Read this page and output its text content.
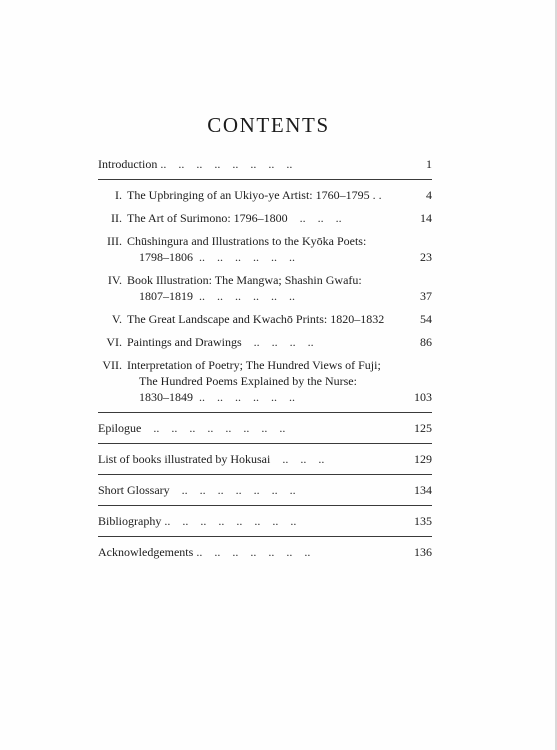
CONTENTS
Introduction ..    ..    ..    ..    ..    ..    ..    ..	1
I. The Upbringing of an Ukiyo-ye Artist: 1760–1795 . .	4
II. The Art of Surimono: 1796–1800    ..    ..    ..	14
III. Chūshingura and Illustrations to the Kyōka Poets:
1798–1806  ..    ..    ..    ..    ..    ..	23
IV. Book Illustration: The Mangwa; Shashin Gwafu:
1807–1819  ..    ..    ..    ..    ..    ..	37
V. The Great Landscape and Kwachō Prints: 1820–1832	54
VI. Paintings and Drawings    ..    ..    ..    ..	86
VII. Interpretation of Poetry; The Hundred Views of Fuji;
The Hundred Poems Explained by the Nurse:
1830–1849  ..    ..    ..    ..    ..    ..	103
Epilogue    ..    ..    ..    ..    ..    ..    ..    ..	125
List of books illustrated by Hokusai    ..    ..    ..	129
Short Glossary    ..    ..    ..    ..    ..    ..    ..	134
Bibliography ..    ..    ..    ..    ..    ..    ..    ..	135
Acknowledgements ..    ..    ..    ..    ..    ..    ..	136
